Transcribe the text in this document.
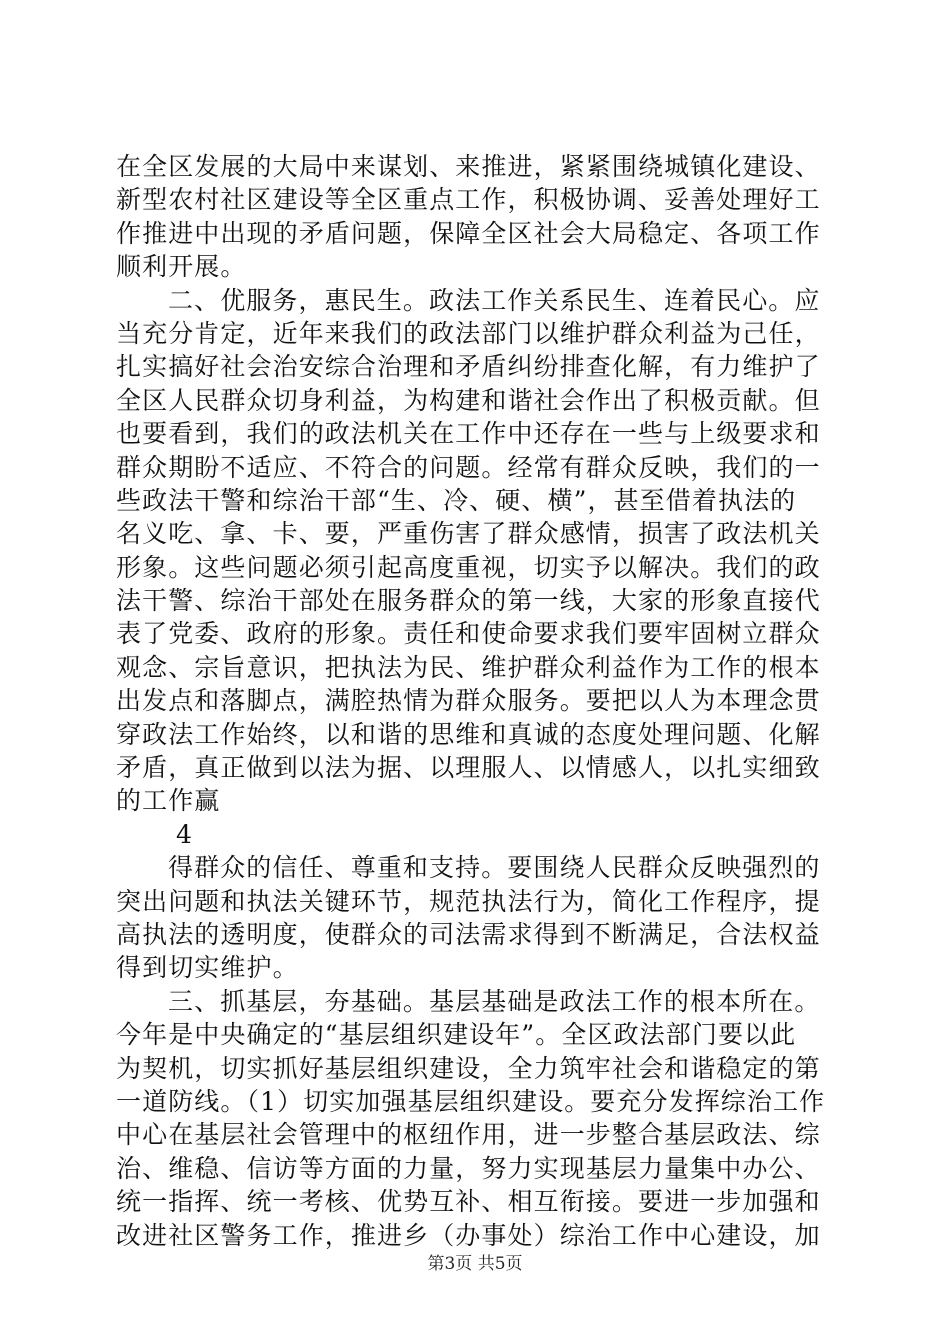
在全区发展的大局中来谋划、来推进，紧紧围绕城镇化建设、
新型农村社区建设等全区重点工作，积极协调、妥善处理好工
作推进中出现的矛盾问题，保障全区社会大局稳定、各项工作
顺利开展。
二、优服务，惠民生。政法工作关系民生、连着民心。应
当充分肯定，近年来我们的政法部门以维护群众利益为己任，
扎实搞好社会治安综合治理和矛盾纠纷排查化解，有力维护了
全区人民群众切身利益，为构建和谐社会作出了积极贡献。但
也要看到，我们的政法机关在工作中还存在一些与上级要求和
群众期盼不适应、不符合的问题。经常有群众反映，我们的一
些政法干警和综治干部“生、冷、硬、横”，甚至借着执法的
名义吃、拿、卡、要，严重伤害了群众感情，损害了政法机关
形象。这些问题必须引起高度重视，切实予以解决。我们的政
法干警、综治干部处在服务群众的第一线，大家的形象直接代
表了党委、政府的形象。责任和使命要求我们要牢固树立群众
观念、宗旨意识，把执法为民、维护群众利益作为工作的根本
出发点和落脚点，满腔热情为群众服务。要把以人为本理念贯
穿政法工作始终，以和谐的思维和真诚的态度处理问题、化解
矛盾，真正做到以法为据、以理服人、以情感人，以扎实细致
的工作赢
4
得群众的信任、尊重和支持。要围绕人民群众反映强烈的
突出问题和执法关键环节，规范执法行为，简化工作程序，提
高执法的透明度，使群众的司法需求得到不断满足，合法权益
得到切实维护。
三、抓基层，夯基础。基层基础是政法工作的根本所在。
今年是中央确定的“基层组织建设年”。全区政法部门要以此
为契机，切实抓好基层组织建设，全力筑牢社会和谐稳定的第
一道防线。（1）切实加强基层组织建设。要充分发挥综治工作
中心在基层社会管理中的枢纽作用，进一步整合基层政法、综
治、维稳、信访等方面的力量，努力实现基层力量集中办公、
统一指挥、统一考核、优势互补、相互衔接。要进一步加强和
改进社区警务工作，推进乡（办事处）综治工作中心建设，加
第3页 共5页
